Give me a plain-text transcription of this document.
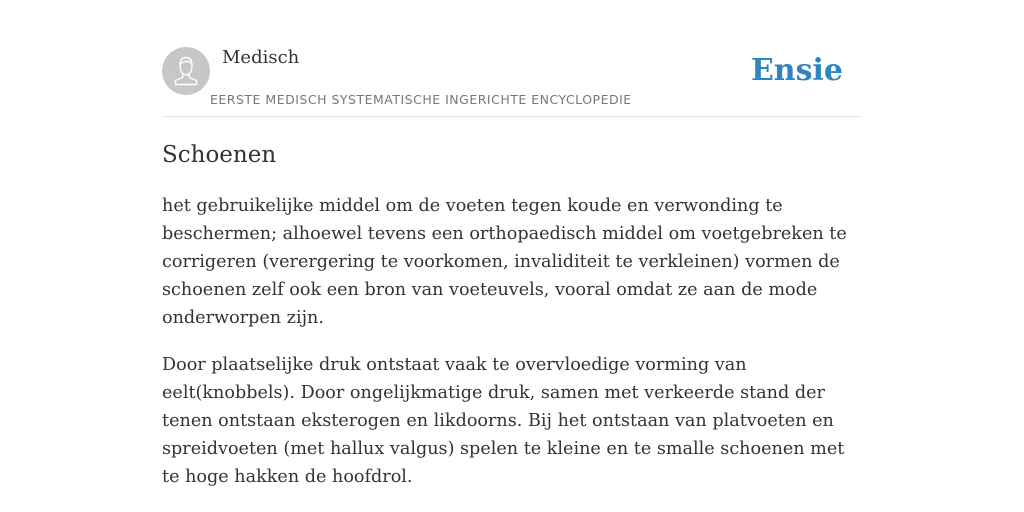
Medisch
EERSTE MEDISCH SYSTEMATISCHE INGERICHTE ENCYCLOPEDIE
Ensie
Schoenen

het gebruikelijke middel om de voeten tegen koude en verwonding te beschermen; alhoewel tevens een orthopaedisch middel om voetgebreken te corrigeren (verergering te voorkomen, invaliditeit te verkleinen) vormen de schoenen zelf ook een bron van voeteuvels, vooral omdat ze aan de mode onderworpen zijn.

Door plaatselijke druk ontstaat vaak te overvloedige vorming van eelt(knobbels). Door ongelijkmatige druk, samen met verkeerde stand der tenen ontstaan eksterogen en likdoorns. Bij het ontstaan van platvoeten en spreidvoeten (met hallux valgus) spelen te kleine en te smalle schoenen met te hoge hakken de hoofdrol.
